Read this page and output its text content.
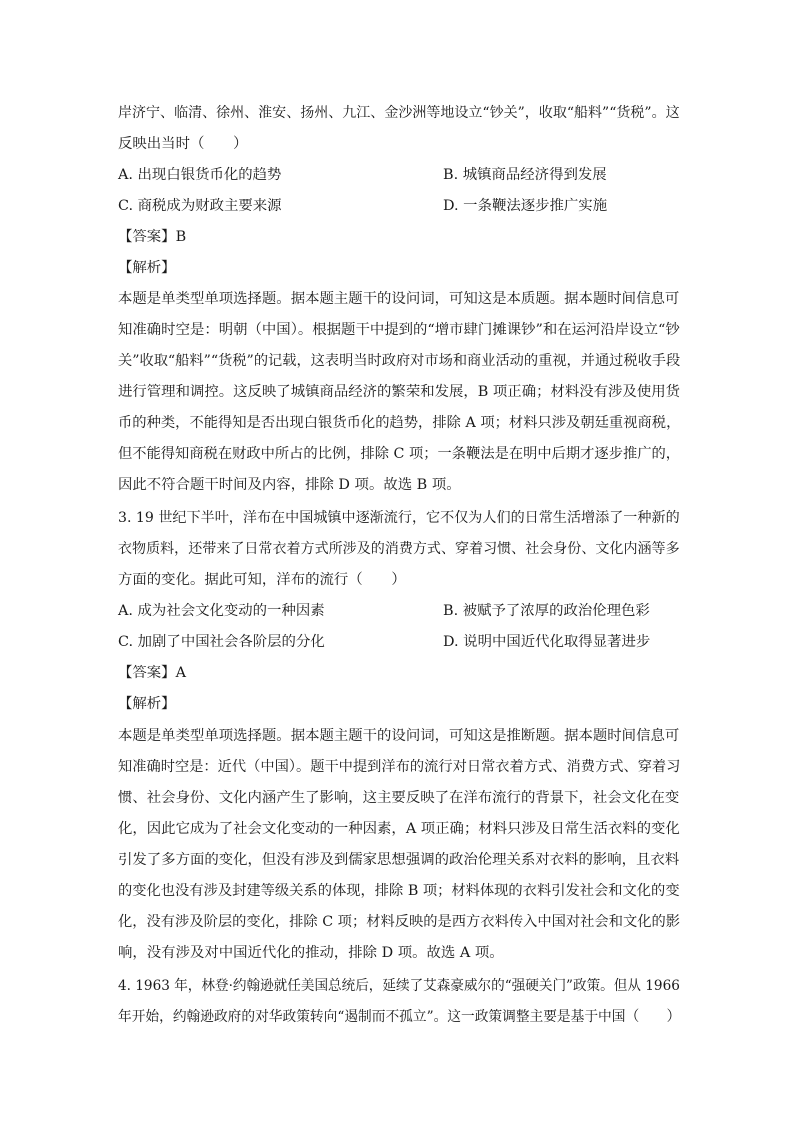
岸济宁、临清、徐州、淮安、扬州、九江、金沙洲等地设立“钞关”，收取“船料”“货税”。这
反映出当时（　　）
A. 出现白银货币化的趋势	B. 城镇商品经济得到发展
C. 商税成为财政主要来源	D. 一条鞭法逐步推广实施
【答案】B
【解析】
本题是单类型单项选择题。据本题主题干的设问词，可知这是本质题。据本题时间信息可
知准确时空是：明朝（中国）。根据题干中提到的“增市肆门摊课钞”和在运河沿岸设立“钞
关”收取“船料”“货税”的记载，这表明当时政府对市场和商业活动的重视，并通过税收手段
进行管理和调控。这反映了城镇商品经济的繁荣和发展，B 项正确；材料没有涉及使用货
币的种类，不能得知是否出现白银货币化的趋势，排除 A 项；材料只涉及朝廷重视商税，
但不能得知商税在财政中所占的比例，排除 C 项；一条鞭法是在明中后期才逐步推广的，
因此不符合题干时间及内容，排除 D 项。故选 B 项。
3. 19 世纪下半叶，洋布在中国城镇中逐渐流行，它不仅为人们的日常生活增添了一种新的
衣物质料，还带来了日常衣着方式所涉及的消费方式、穿着习惯、社会身份、文化内涵等多
方面的变化。据此可知，洋布的流行（　　）
A. 成为社会文化变动的一种因素	B. 被赋予了浓厚的政治伦理色彩
C. 加剧了中国社会各阶层的分化	D. 说明中国近代化取得显著进步
【答案】A
【解析】
本题是单类型单项选择题。据本题主题干的设问词，可知这是推断题。据本题时间信息可
知准确时空是：近代（中国）。题干中提到洋布的流行对日常衣着方式、消费方式、穿着习
惯、社会身份、文化内涵产生了影响，这主要反映了在洋布流行的背景下，社会文化在变
化，因此它成为了社会文化变动的一种因素，A 项正确；材料只涉及日常生活衣料的变化
引发了多方面的变化，但没有涉及到儒家思想强调的政治伦理关系对衣料的影响，且衣料
的变化也没有涉及封建等级关系的体现，排除 B 项；材料体现的衣料引发社会和文化的变
化，没有涉及阶层的变化，排除 C 项；材料反映的是西方衣料传入中国对社会和文化的影
响，没有涉及对中国近代化的推动，排除 D 项。故选 A 项。
4. 1963 年，林登·约翰逊就任美国总统后，延续了艾森豪威尔的“强硬关门”政策。但从 1966
年开始，约翰逊政府的对华政策转向“遏制而不孤立”。这一政策调整主要是基于中国（　　）
